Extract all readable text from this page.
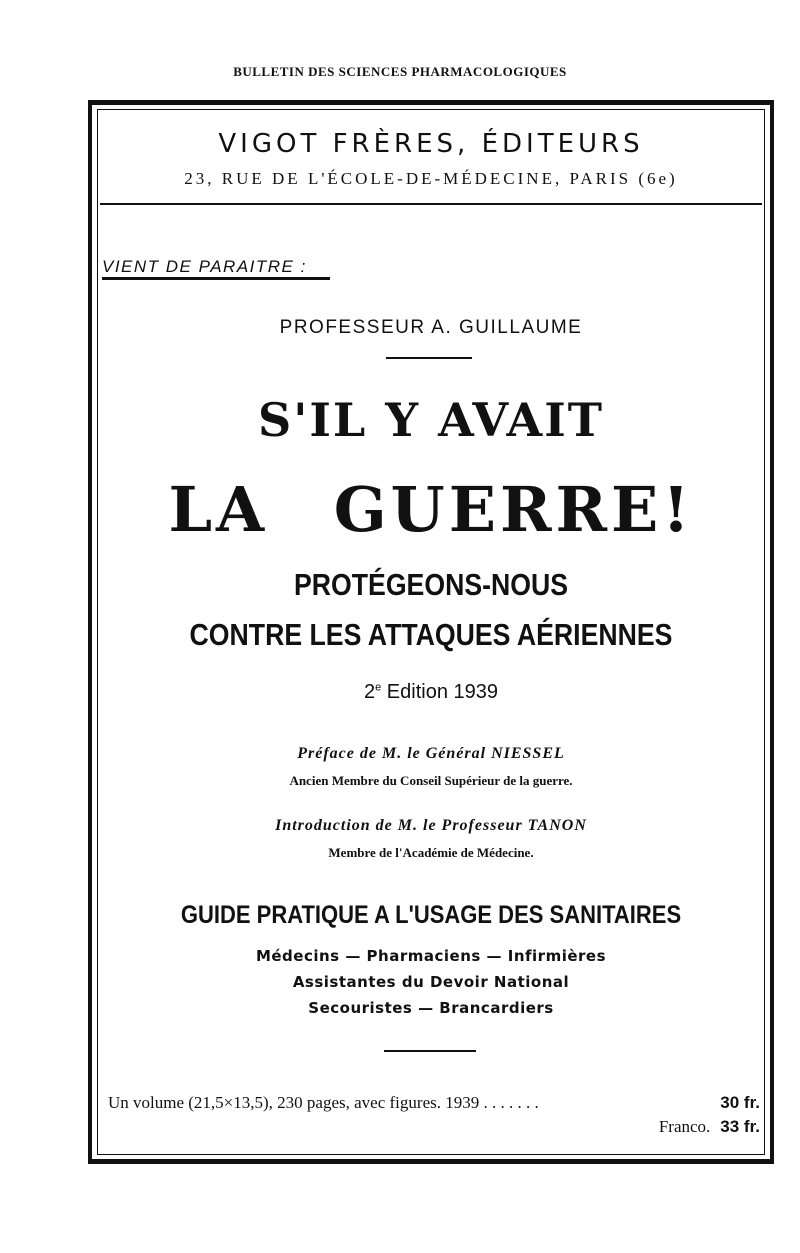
BULLETIN DES SCIENCES PHARMACOLOGIQUES
VIGOT FRÈRES, ÉDITEURS
23, RUE DE L'ÉCOLE-DE-MÉDECINE, PARIS (6e)
VIENT DE PARAITRE :
PROFESSEUR A. GUILLAUME
S'IL Y AVAIT
LA GUERRE!
PROTÉGEONS-NOUS
CONTRE LES ATTAQUES AÉRIENNES
2e Edition 1939
Préface de M. le Général NIESSEL
Ancien Membre du Conseil Supérieur de la guerre.
Introduction de M. le Professeur TANON
Membre de l'Académie de Médecine.
GUIDE PRATIQUE A L'USAGE DES SANITAIRES
Médecins — Pharmaciens — Infirmières
Assistantes du Devoir National
Secouristes — Brancardiers
Un volume (21,5×13,5), 230 pages, avec figures. 1939 . . . . . . .	30 fr.
Franco. 33 fr.
